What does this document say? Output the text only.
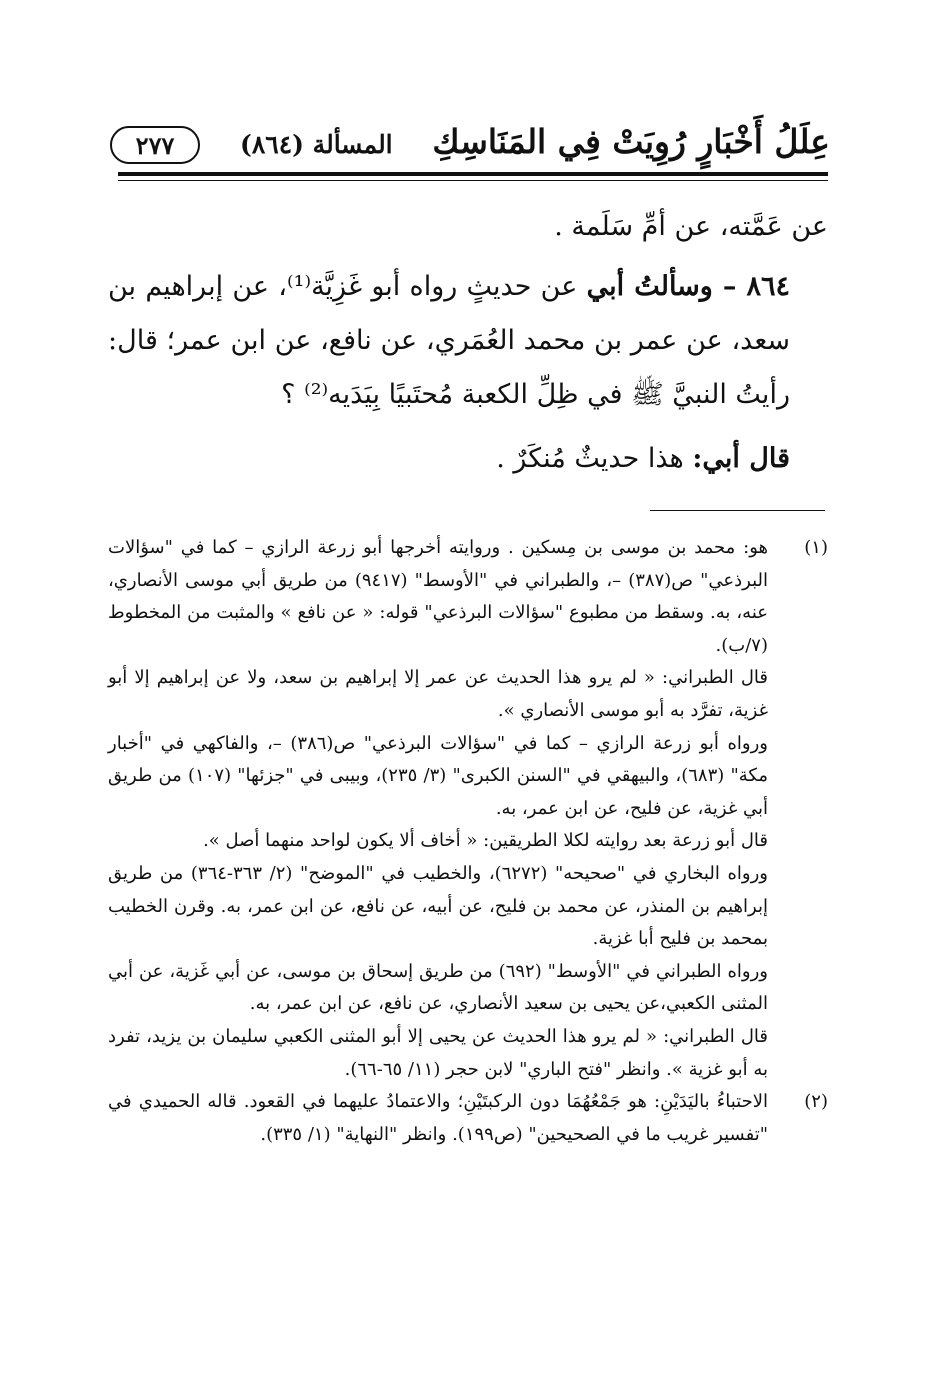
عِلَلُ أَخْبَارٍ رُوِيَتْ فِي المَنَاسِكِ
المسألة (٨٦٤)
٢٧٧

عن عَمَّته، عن أمِّ سَلَمة .

٨٦٤ – وسألتُ أبي عن حديثٍ رواه أبو غَزِيَّة⁽¹⁾، عن إبراهيم بن سعد، عن عمر بن محمد العُمَري، عن نافع، عن ابن عمر؛ قال: رأيتُ النبيَّ ﷺ في ظِلِّ الكعبة مُحتَبيًا بِيَدَيه⁽²⁾ ؟

قال أبي: هذا حديثٌ مُنكَرٌ .

(١)

هو: محمد بن موسى بن مِسكين . وروايته أخرجها أبو زرعة الرازي – كما في "سؤالات البرذعي" ص(٣٨٧) –، والطبراني في "الأوسط" (٩٤١٧) من طريق أبي موسى الأنصاري، عنه، به. وسقط من مطبوع "سؤالات البرذعي" قوله: « عن نافع » والمثبت من المخطوط (٧/ب).

قال الطبراني: « لم يرو هذا الحديث عن عمر إلا إبراهيم بن سعد، ولا عن إبراهيم إلا أبو غزية، تفرَّد به أبو موسى الأنصاري ».

ورواه أبو زرعة الرازي – كما في "سؤالات البرذعي" ص(٣٨٦) –، والفاكهي في "أخبار مكة" (٦٨٣)، والبيهقي في "السنن الكبرى" (٣/ ٢٣٥)، وبيبى في "جزئها" (١٠٧) من طريق أبي غزية، عن فليح، عن ابن عمر، به.

قال أبو زرعة بعد روايته لكلا الطريقين: « أخاف ألا يكون لواحد منهما أصل ».

ورواه البخاري في "صحيحه" (٦٢٧٢)، والخطيب في "الموضح" (٢/ ٣٦٣-٣٦٤) من طريق إبراهيم بن المنذر، عن محمد بن فليح، عن أبيه، عن نافع، عن ابن عمر، به. وقرن الخطيب بمحمد بن فليح أبا غزية.

ورواه الطبراني في "الأوسط" (٦٩٢) من طريق إسحاق بن موسى، عن أبي غَزية، عن أبي المثنى الكعبي،عن يحيى بن سعيد الأنصاري، عن نافع، عن ابن عمر، به.

قال الطبراني: « لم يرو هذا الحديث عن يحيى إلا أبو المثنى الكعبي سليمان بن يزيد، تفرد به أبو غزية ». وانظر "فتح الباري" لابن حجر (١١/ ٦٥-٦٦).

(٢)

الاحتباءُ باليَدَيْنِ: هو جَمْعُهُمَا دون الركبتَيْنِ؛ والاعتمادُ عليهما في القعود. قاله الحميدي في "تفسير غريب ما في الصحيحين" (ص١٩٩). وانظر "النهاية" (١/ ٣٣٥).
